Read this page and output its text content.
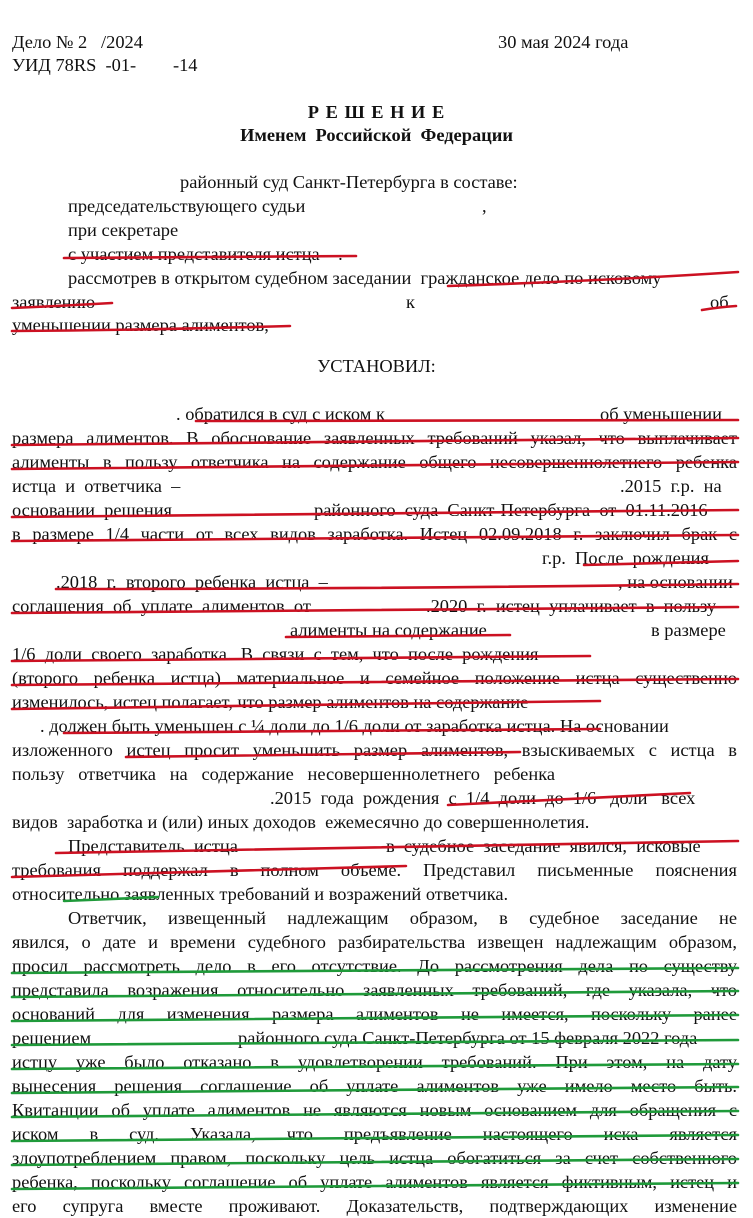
Дело № 2   /2024	30 мая 2024 года
УИД 78RS  -01-        -14
Р Е Ш Е Н И Е
Именем  Российской  Федерации
районный суд Санкт-Петербурга в составе:
председательствующего судьи	,
при секретаре
с участием представителя истца – .
рассмотрев в открытом судебном заседании  гражданское дело по исковому
заявлению	к	об
уменьшении размера алиментов,
УСТАНОВИЛ:
. обратился в суд с иском к	об уменьшении
размера алиментов. В обоснование заявленных требований указал, что выплачивает
алименты в пользу ответчика на содержание общего несовершеннолетнего ребенка
истца  и  ответчика  –	.2015  г.р.  на
основании  решения	районного  суда  Санкт-Петербурга  от  01.11.2016
в размере 1/4 части от всех видов заработка. Истец 02.09.2018 г. заключил брак с
г.р.  После  рождения
.2018  г.  второго  ребенка  истца  –	, на основании
соглашения  об  уплате  алиментов  от	.2020  г.  истец  уплачивает  в  пользу
алименты на содержание	в размере
1/6  доли  своего  заработка.  В  связи  с  тем,  что  после  рождения
(второго ребенка истца) материальное и семейное положение истца существенно
изменилось, истец полагает, что размер алиментов на содержание
. должен быть уменьшен с ¼ доли до 1/6 доли от заработка истца. На основании
изложенного истец просит уменьшить размер алиментов, взыскиваемых с истца в
пользу   ответчика   на   содержание   несовершеннолетнего   ребенка
.2015  года  рождения  с  1/4  доли  до  1/6   доли   всех
видов  заработка и (или) иных доходов  ежемесячно до совершеннолетия.
Представитель  истца	в  судебное  заседание  явился,  исковые
требования поддержал в полном объеме. Представил письменные пояснения
относительно заявленных требований и возражений ответчика.
Ответчик, извещенный надлежащим образом, в судебное заседание не
явился, о дате и времени судебного разбирательства извещен надлежащим образом,
просил рассмотреть дело в его отсутствие. До рассмотрения дела по существу
представила возражения относительно заявленных требований, где указала, что
оснований для изменения размера алиментов не имеется, поскольку ранее
решением	районного суда Санкт-Петербурга от 15 февраля 2022 года
истцу уже было отказано в удовлетворении требований. При этом, на дату
вынесения решения соглашение об уплате алиментов уже имело место быть.
Квитанции об уплате алиментов не являются новым основанием для обращения с
иском в суд. Указала, что предъявление настоящего иска является
злоупотреблением правом, поскольку цель истца обогатиться за счет собственного
ребенка, поскольку соглашение об уплате алиментов является фиктивным, истец и
его супруга вместе проживают. Доказательств, подтверждающих изменение
